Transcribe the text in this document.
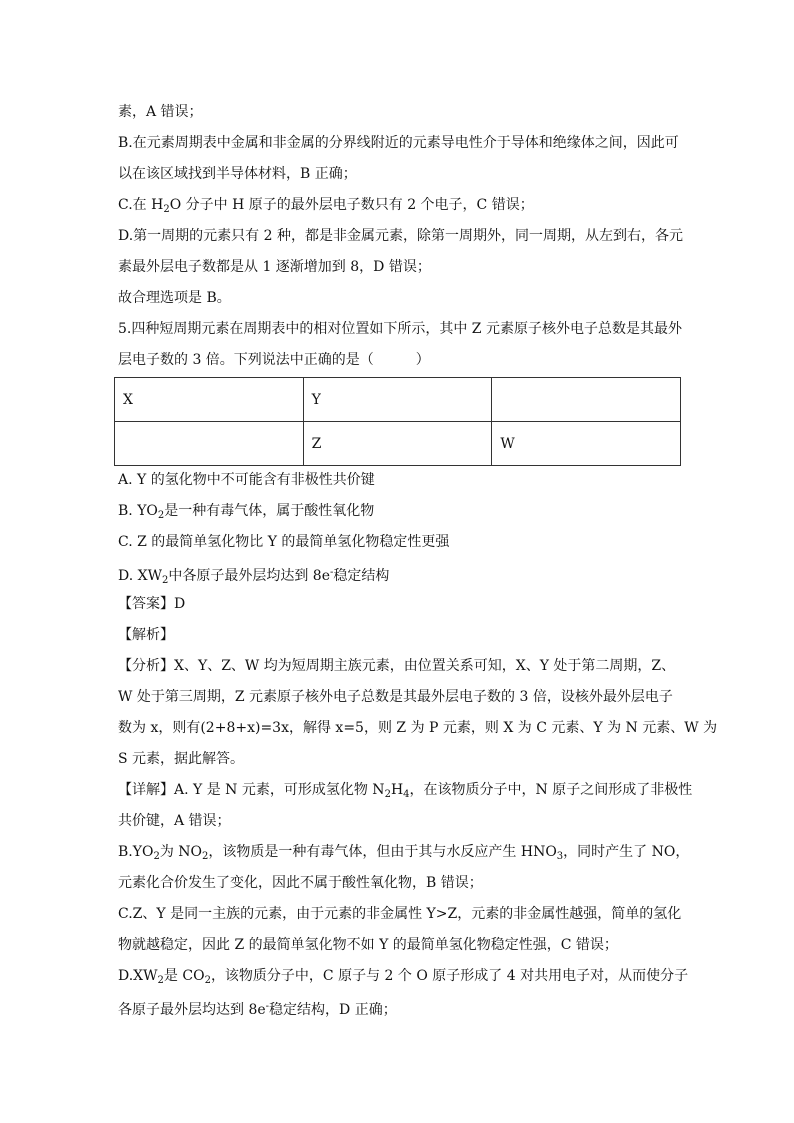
素，A 错误；
B.在元素周期表中金属和非金属的分界线附近的元素导电性介于导体和绝缘体之间，因此可
以在该区域找到半导体材料，B 正确；
C.在 $H_2O$ 分子中 H 原子的最外层电子数只有 2 个电子，C 错误；
D.第一周期的元素只有 2 种，都是非金属元素，除第一周期外，同一周期，从左到右，各元
素最外层电子数都是从 1 逐渐增加到 8，D 错误；
故合理选项是 B。
5.四种短周期元素在周期表中的相对位置如下所示，其中 Z 元素原子核外电子总数是其最外
层电子数的 3 倍。下列说法中正确的是（　　　）
X	Y	
	Z	W
A. Y 的氢化物中不可能含有非极性共价键
B. $YO_2$是一种有毒气体，属于酸性氧化物
C. Z 的最简单氢化物比 Y 的最简单氢化物稳定性更强
D. $XW_2$中各原子最外层均达到 8e-稳定结构
【答案】D
【解析】
【分析】X、Y、Z、W 均为短周期主族元素，由位置关系可知，X、Y 处于第二周期，Z、
W 处于第三周期，Z 元素原子核外电子总数是其最外层电子数的 3 倍，设核外最外层电子
数为 x，则有(2+8+x)=3x，解得 x=5，则 Z 为 P 元素，则 X 为 C 元素、Y 为 N 元素、W 为
S 元素，据此解答。
【详解】A. Y 是 N 元素，可形成氢化物 $N_2H_4$，在该物质分子中，N 原子之间形成了非极性
共价键，A 错误；
$B.YO_2$为 $NO_2$，该物质是一种有毒气体，但由于其与水反应产生 $HNO_3$，同时产生了 NO，
元素化合价发生了变化，因此不属于酸性氧化物，B 错误；
C.Z、Y 是同一主族的元素，由于元素的非金属性 Y>Z，元素的非金属性越强，简单的氢化
物就越稳定，因此 Z 的最简单氢化物不如 Y 的最简单氢化物稳定性强，C 错误；
$D.XW_2$是 $CO_2$，该物质分子中，C 原子与 2 个 O 原子形成了 4 对共用电子对，从而使分子
各原子最外层均达到 8e-稳定结构，D 正确；
